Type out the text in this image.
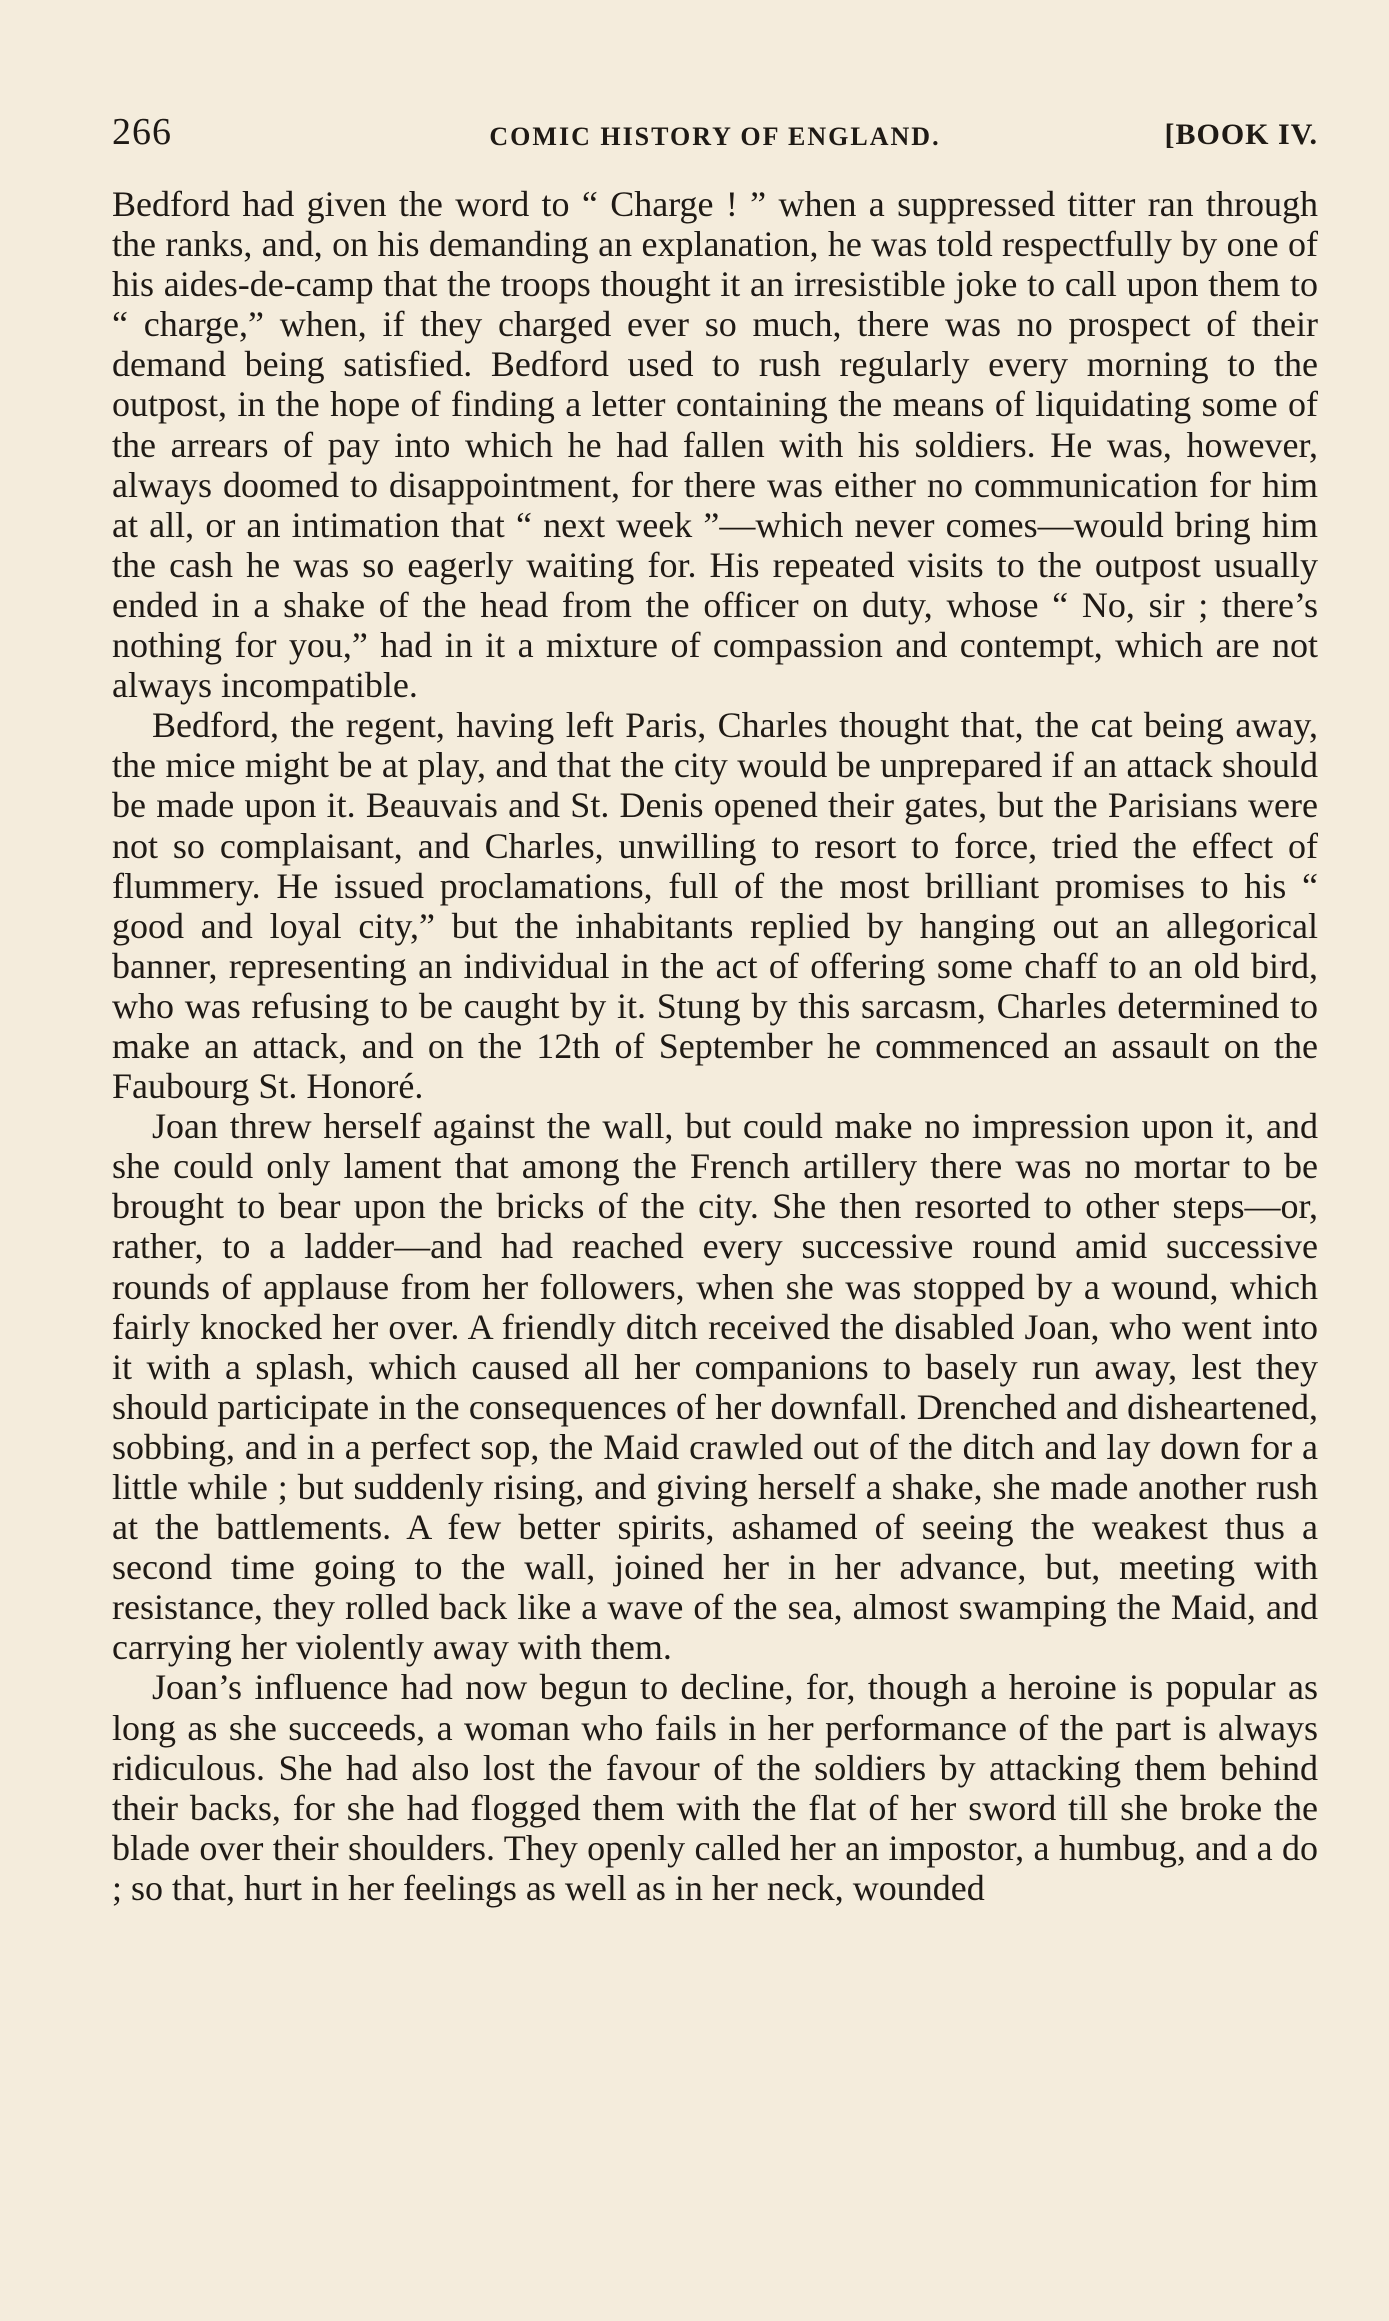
266	COMIC HISTORY OF ENGLAND.	[BOOK IV.

Bedford had given the word to “ Charge ! ” when a suppressed titter ran through the ranks, and, on his demanding an explanation, he was told respectfully by one of his aides-de-camp that the troops thought it an irresistible joke to call upon them to “ charge,” when, if they charged ever so much, there was no prospect of their demand being satisfied. Bedford used to rush regularly every morning to the outpost, in the hope of finding a letter containing the means of liquidating some of the arrears of pay into which he had fallen with his soldiers. He was, however, always doomed to disappointment, for there was either no communication for him at all, or an intimation that “ next week ”—which never comes—would bring him the cash he was so eagerly waiting for. His repeated visits to the outpost usually ended in a shake of the head from the officer on duty, whose “ No, sir ; there’s nothing for you,” had in it a mixture of compassion and contempt, which are not always incompatible.

Bedford, the regent, having left Paris, Charles thought that, the cat being away, the mice might be at play, and that the city would be unprepared if an attack should be made upon it. Beauvais and St. Denis opened their gates, but the Parisians were not so complaisant, and Charles, unwilling to resort to force, tried the effect of flummery. He issued proclamations, full of the most brilliant promises to his “ good and loyal city,” but the inhabitants replied by hanging out an allegorical banner, representing an individual in the act of offering some chaff to an old bird, who was refusing to be caught by it. Stung by this sarcasm, Charles determined to make an attack, and on the 12th of September he commenced an assault on the Faubourg St. Honoré.

Joan threw herself against the wall, but could make no impression upon it, and she could only lament that among the French artillery there was no mortar to be brought to bear upon the bricks of the city. She then resorted to other steps—or, rather, to a ladder—and had reached every successive round amid successive rounds of applause from her followers, when she was stopped by a wound, which fairly knocked her over. A friendly ditch received the disabled Joan, who went into it with a splash, which caused all her companions to basely run away, lest they should participate in the consequences of her downfall. Drenched and disheartened, sobbing, and in a perfect sop, the Maid crawled out of the ditch and lay down for a little while ; but suddenly rising, and giving herself a shake, she made another rush at the battlements. A few better spirits, ashamed of seeing the weakest thus a second time going to the wall, joined her in her advance, but, meeting with resistance, they rolled back like a wave of the sea, almost swamping the Maid, and carrying her violently away with them.

Joan’s influence had now begun to decline, for, though a heroine is popular as long as she succeeds, a woman who fails in her performance of the part is always ridiculous. She had also lost the favour of the soldiers by attacking them behind their backs, for she had flogged them with the flat of her sword till she broke the blade over their shoulders. They openly called her an impostor, a humbug, and a do ; so that, hurt in her feelings as well as in her neck, wounded
